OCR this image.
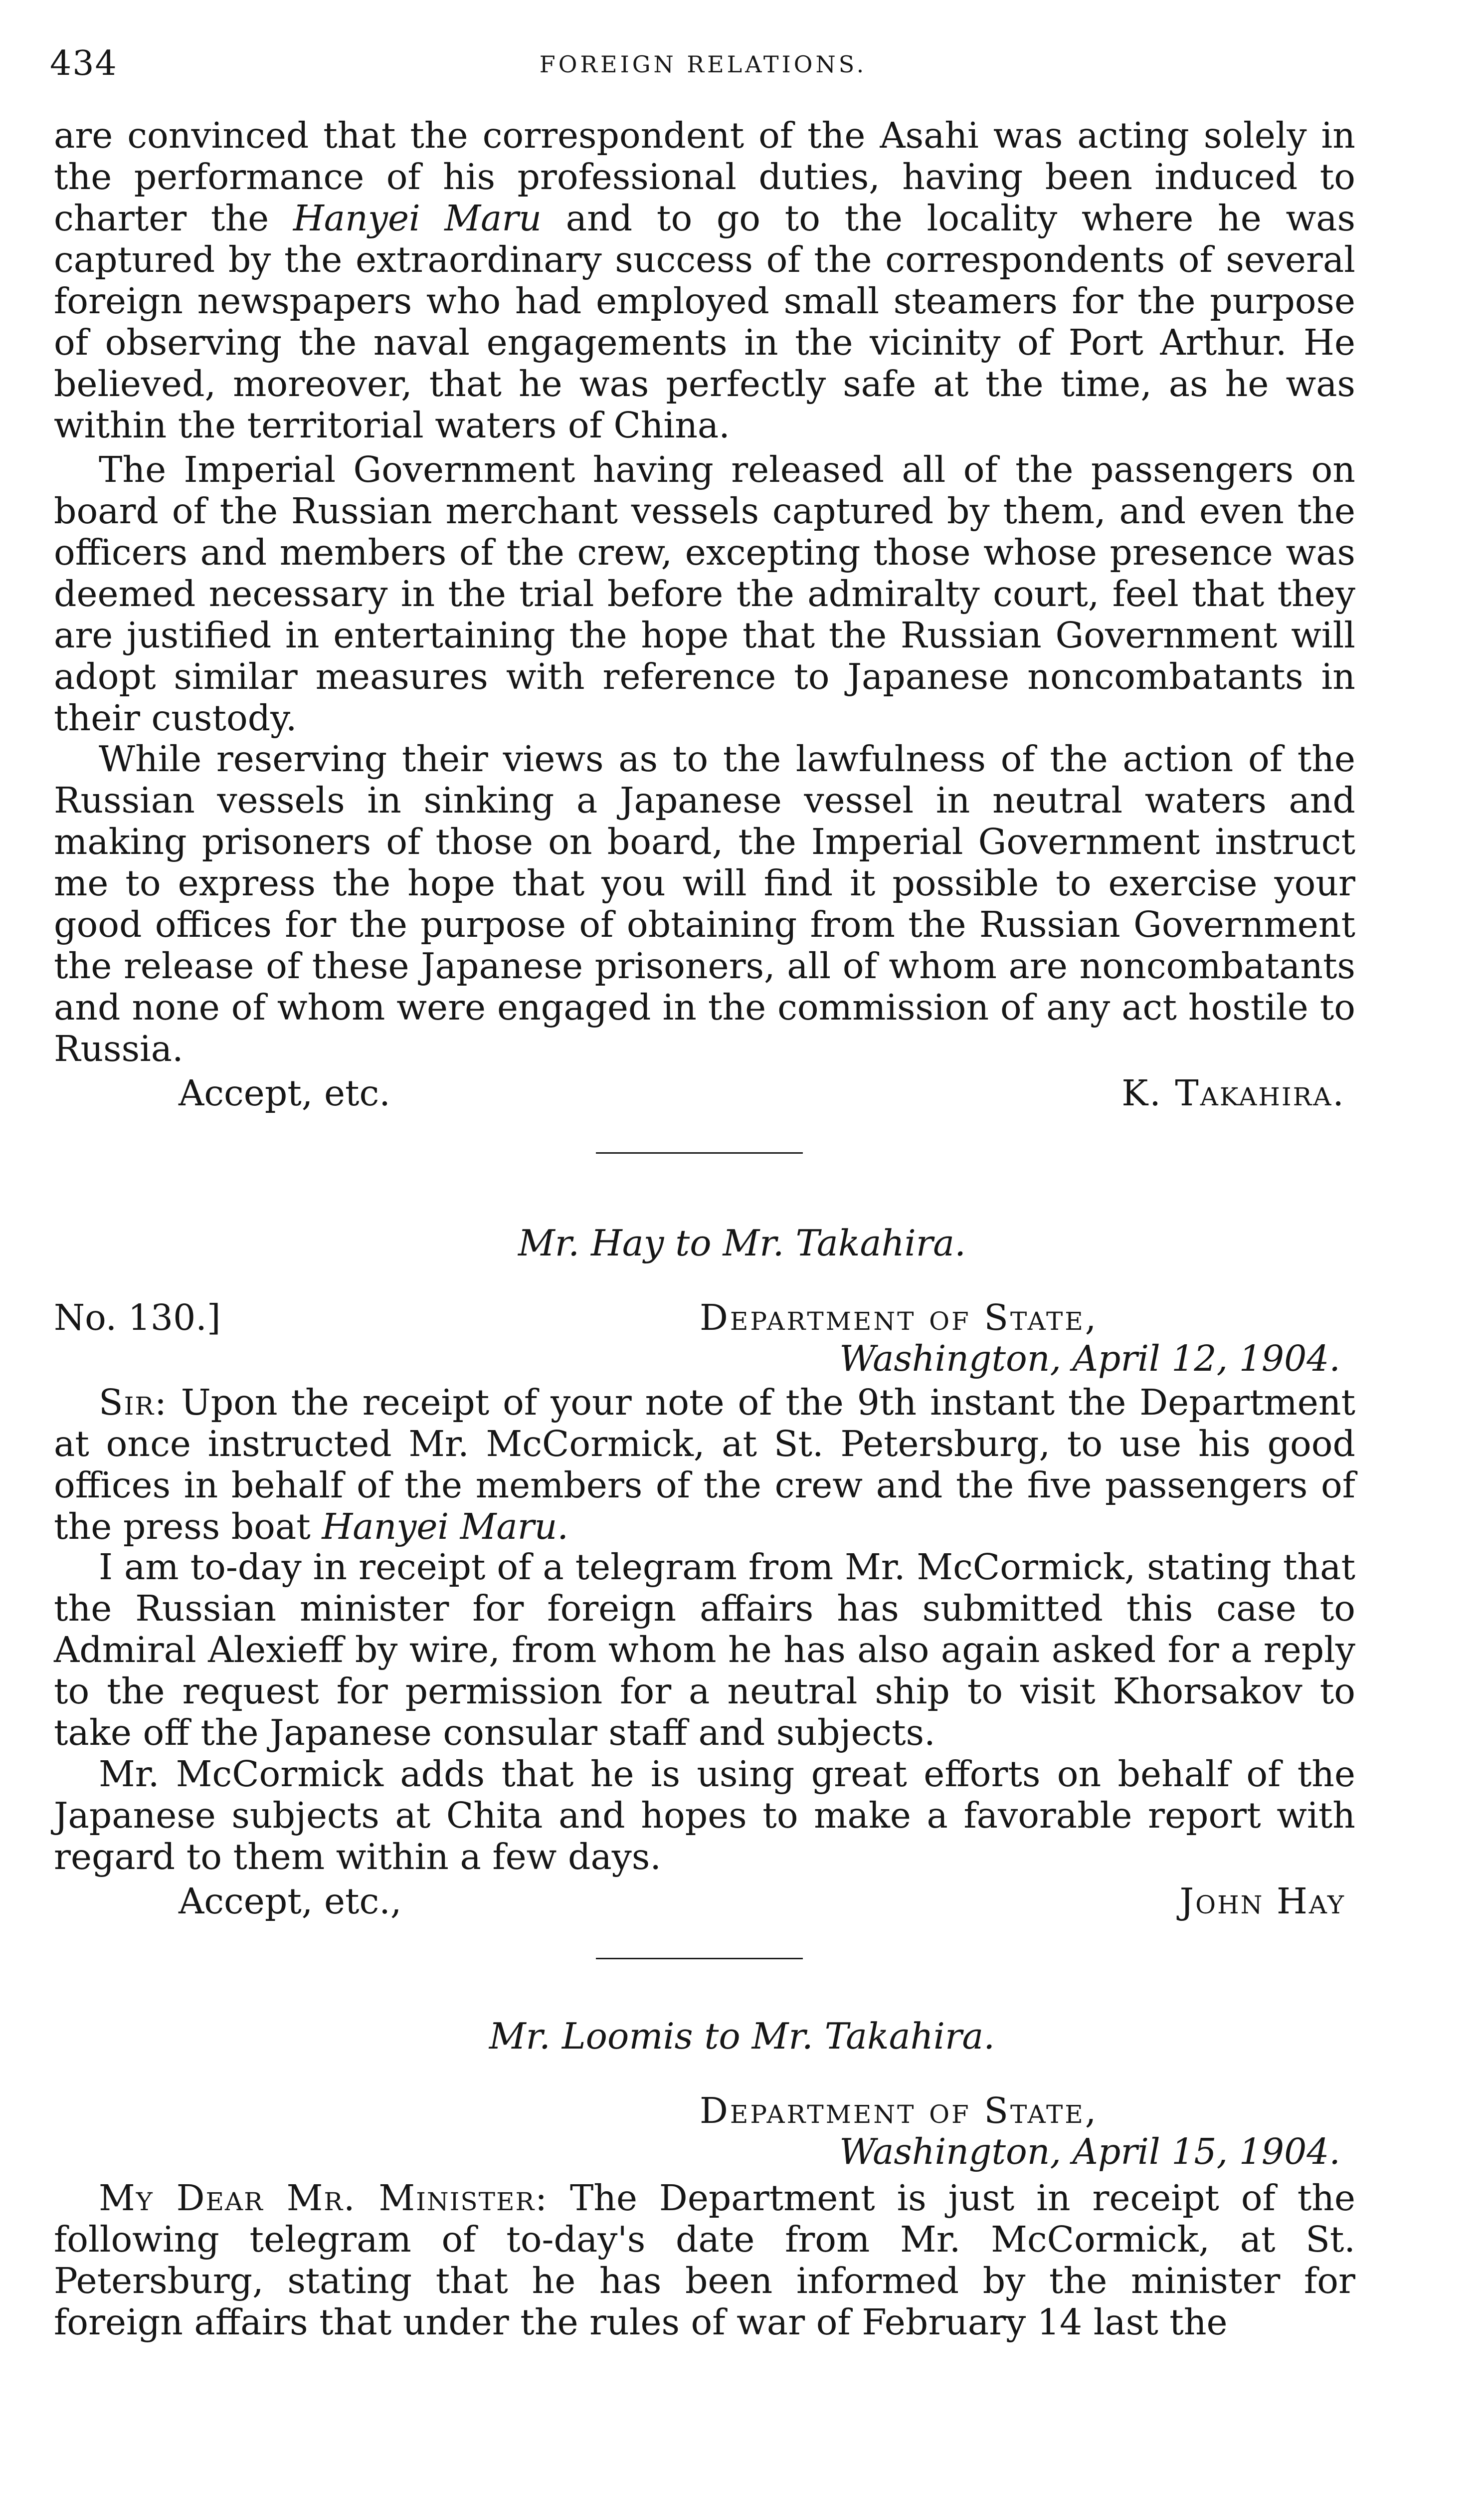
434	FOREIGN RELATIONS.

are convinced that the correspondent of the Asahi was acting solely in the performance of his professional duties, having been induced to charter the Hanyei Maru and to go to the locality where he was captured by the extraordinary success of the correspondents of several foreign newspapers who had employed small steamers for the purpose of observing the naval engagements in the vicinity of Port Arthur. He believed, moreover, that he was perfectly safe at the time, as he was within the territorial waters of China.

The Imperial Government having released all of the passengers on board of the Russian merchant vessels captured by them, and even the officers and members of the crew, excepting those whose presence was deemed necessary in the trial before the admiralty court, feel that they are justified in entertaining the hope that the Russian Government will adopt similar measures with reference to Japanese noncombatants in their custody.

While reserving their views as to the lawfulness of the action of the Russian vessels in sinking a Japanese vessel in neutral waters and making prisoners of those on board, the Imperial Government instruct me to express the hope that you will find it possible to exercise your good offices for the purpose of obtaining from the Russian Government the release of these Japanese prisoners, all of whom are noncombatants and none of whom were engaged in the commission of any act hostile to Russia.

Accept, etc.	K. Takahira.
Mr. Hay to Mr. Takahira.
No. 130.]	Department of State,
Washington, April 12, 1904.

Sir: Upon the receipt of your note of the 9th instant the Department at once instructed Mr. McCormick, at St. Petersburg, to use his good offices in behalf of the members of the crew and the five passengers of the press boat Hanyei Maru.

I am to-day in receipt of a telegram from Mr. McCormick, stating that the Russian minister for foreign affairs has submitted this case to Admiral Alexieff by wire, from whom he has also again asked for a reply to the request for permission for a neutral ship to visit Khorsakov to take off the Japanese consular staff and subjects.

Mr. McCormick adds that he is using great efforts on behalf of the Japanese subjects at Chita and hopes to make a favorable report with regard to them within a few days.

Accept, etc.,	John Hay
Mr. Loomis to Mr. Takahira.
Department of State,
Washington, April 15, 1904.

My Dear Mr. Minister: The Department is just in receipt of the following telegram of to-day's date from Mr. McCormick, at St. Petersburg, stating that he has been informed by the minister for foreign affairs that under the rules of war of February 14 last the
